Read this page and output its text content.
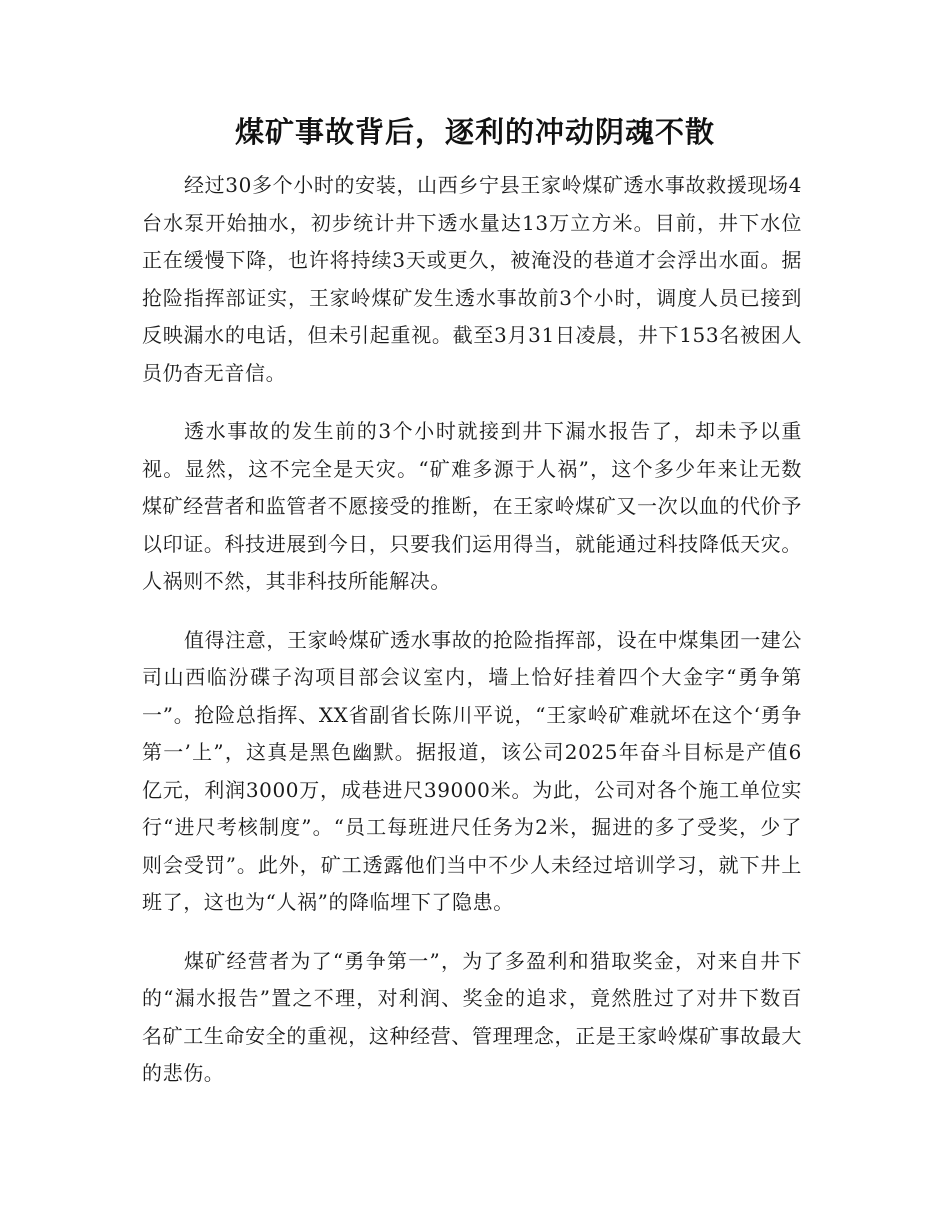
煤矿事故背后，逐利的冲动阴魂不散

经过30多个小时的安装，山西乡宁县王家岭煤矿透水事故救援现场4台水泵开始抽水，初步统计井下透水量达13万立方米。目前，井下水位正在缓慢下降，也许将持续3天或更久，被淹没的巷道才会浮出水面。据抢险指挥部证实，王家岭煤矿发生透水事故前3个小时，调度人员已接到反映漏水的电话，但未引起重视。截至3月31日凌晨，井下153名被困人员仍杳无音信。

透水事故的发生前的3个小时就接到井下漏水报告了，却未予以重视。显然，这不完全是天灾。“矿难多源于人祸”，这个多少年来让无数煤矿经营者和监管者不愿接受的推断，在王家岭煤矿又一次以血的代价予以印证。科技进展到今日，只要我们运用得当，就能通过科技降低天灾。人祸则不然，其非科技所能解决。

值得注意，王家岭煤矿透水事故的抢险指挥部，设在中煤集团一建公司山西临汾碟子沟项目部会议室内，墙上恰好挂着四个大金字“勇争第一”。抢险总指挥、XX省副省长陈川平说，“王家岭矿难就坏在这个‘勇争第一’上”，这真是黑色幽默。据报道，该公司2025年奋斗目标是产值6亿元，利润3000万，成巷进尺39000米。为此，公司对各个施工单位实行“进尺考核制度”。“员工每班进尺任务为2米，掘进的多了受奖，少了则会受罚”。此外，矿工透露他们当中不少人未经过培训学习，就下井上班了，这也为“人祸”的降临埋下了隐患。

煤矿经营者为了“勇争第一”，为了多盈利和猎取奖金，对来自井下的“漏水报告”置之不理，对利润、奖金的追求，竟然胜过了对井下数百名矿工生命安全的重视，这种经营、管理理念，正是王家岭煤矿事故最大的悲伤。
